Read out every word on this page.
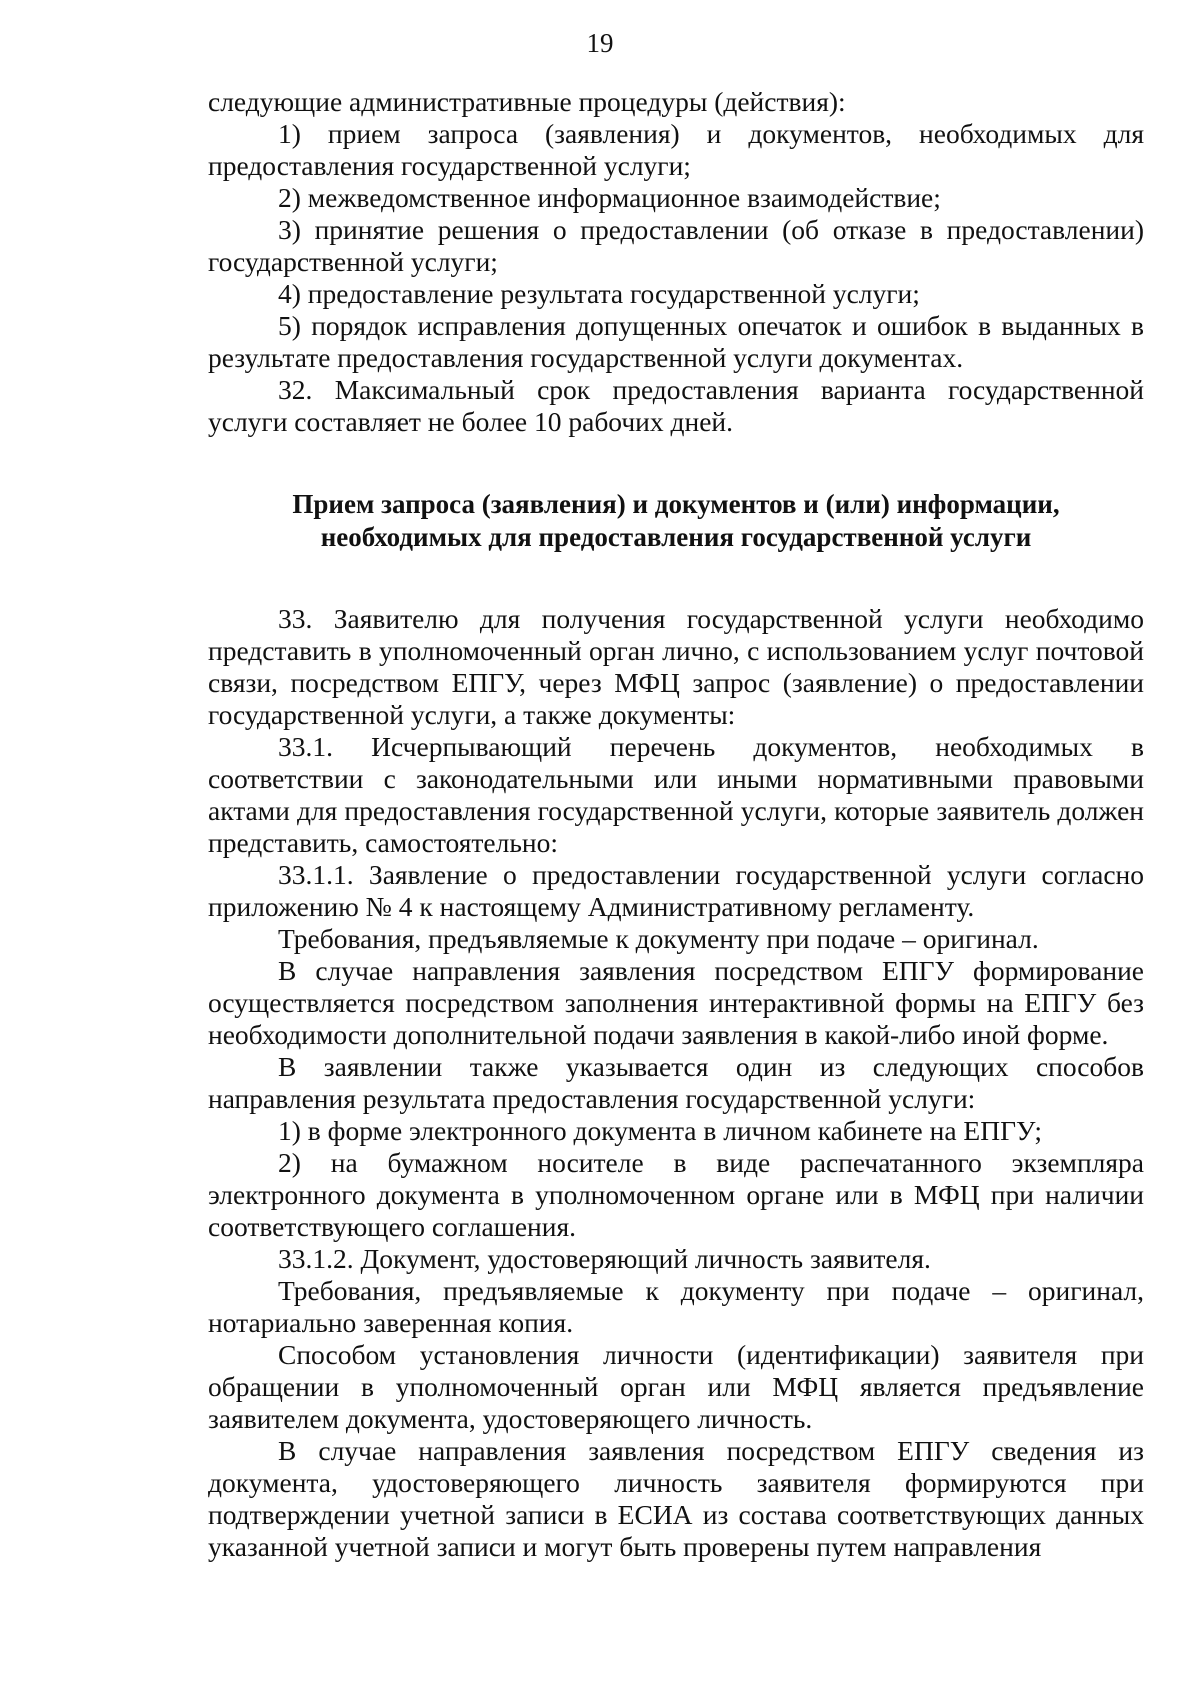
19

следующие административные процедуры (действия):

1) прием запроса (заявления) и документов, необходимых для предоставления государственной услуги;

2) межведомственное информационное взаимодействие;

3) принятие решения о предоставлении (об отказе в предоставлении) государственной услуги;

4) предоставление результата государственной услуги;

5) порядок исправления допущенных опечаток и ошибок в выданных в результате предоставления государственной услуги документах.

32. Максимальный срок предоставления варианта государственной услуги составляет не более 10 рабочих дней.

Прием запроса (заявления) и документов и (или) информации, необходимых для предоставления государственной услуги

33. Заявителю для получения государственной услуги необходимо представить в уполномоченный орган лично, с использованием услуг почтовой связи, посредством ЕПГУ, через МФЦ запрос (заявление) о предоставлении государственной услуги, а также документы:

33.1. Исчерпывающий перечень документов, необходимых в соответствии с законодательными или иными нормативными правовыми актами для предоставления государственной услуги, которые заявитель должен представить, самостоятельно:

33.1.1. Заявление о предоставлении государственной услуги согласно приложению № 4 к настоящему Административному регламенту.

Требования, предъявляемые к документу при подаче – оригинал.

В случае направления заявления посредством ЕПГУ формирование осуществляется посредством заполнения интерактивной формы на ЕПГУ без необходимости дополнительной подачи заявления в какой-либо иной форме.

В заявлении также указывается один из следующих способов направления результата предоставления государственной услуги:

1) в форме электронного документа в личном кабинете на ЕПГУ;

2) на бумажном носителе в виде распечатанного экземпляра электронного документа в уполномоченном органе или в МФЦ при наличии соответствующего соглашения.

33.1.2. Документ, удостоверяющий личность заявителя.

Требования, предъявляемые к документу при подаче – оригинал, нотариально заверенная копия.

Способом установления личности (идентификации) заявителя при обращении в уполномоченный орган или МФЦ является предъявление заявителем документа, удостоверяющего личность.

В случае направления заявления посредством ЕПГУ сведения из документа, удостоверяющего личность заявителя формируются при подтверждении учетной записи в ЕСИА из состава соответствующих данных указанной учетной записи и могут быть проверены путем направления
